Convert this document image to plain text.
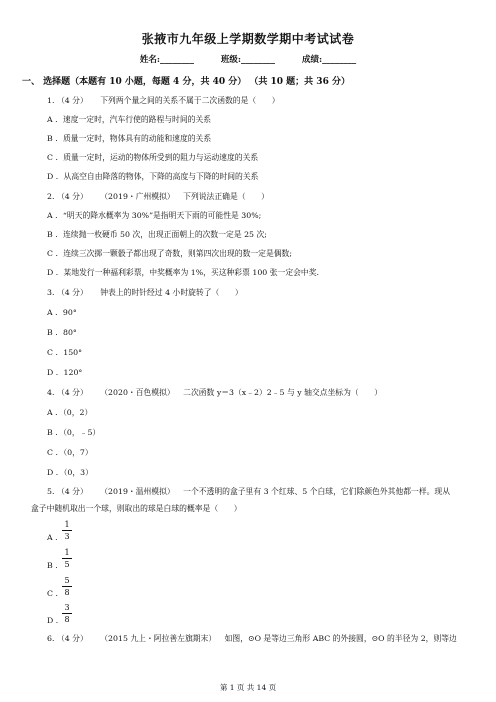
张掖市九年级上学期数学期中考试试卷
姓名:________	班级:________	成绩:________
一、 选择题（本题有 10 小题，每题 4 分，共 40 分） （共 10 题；共 36 分）
1. （4 分） 下列两个量之间的关系不属于二次函数的是（　　）
A ．速度一定时，汽车行使的路程与时间的关系
B ．质量一定时，物体具有的动能和速度的关系
C ．质量一定时，运动的物体所受到的阻力与运动速度的关系
D ．从高空自由降落的物体，下降的高度与下降的时间的关系
2. （4 分） （2019・广州模拟） 下列说法正确是（　　）
A ．“明天的降水概率为 30%”是指明天下雨的可能性是 30%;
B ．连续抛一枚硬币 50 次，出现正面朝上的次数一定是 25 次;
C ．连续三次掷一颗骰子都出现了奇数，则第四次出现的数一定是偶数;
D ．某地发行一种福利彩票，中奖概率为 1%，买这种彩票 100 张一定会中奖.
3. （4 分） 钟表上的时针经过 4 小时旋转了（　　）
A ．90°
B ．80°
C ．150°
D ．120°
4. （4 分） （2020・百色模拟） 二次函数 y＝3（x﹣2）2﹣5 与 y 轴交点坐标为（　　）
A ．（0，2）
B ．（0，﹣5）
C ．（0，7）
D ．（0，3）
5. （4 分） （2019・温州模拟） 一个不透明的盒子里有 3 个红球、5 个白球，它们除颜色外其他都一样。现从
盒子中随机取出一个球，则取出的球是白球的概率是（　　）
A ．
1
3
B ．
1
5
C ．
5
8
D ．
3
8
6. （4 分） （2015 九上・阿拉善左旗期末） 如图，⊙O 是等边三角形 ABC 的外接圆，⊙O 的半径为 2，则等边
第 1 页 共 14 页
